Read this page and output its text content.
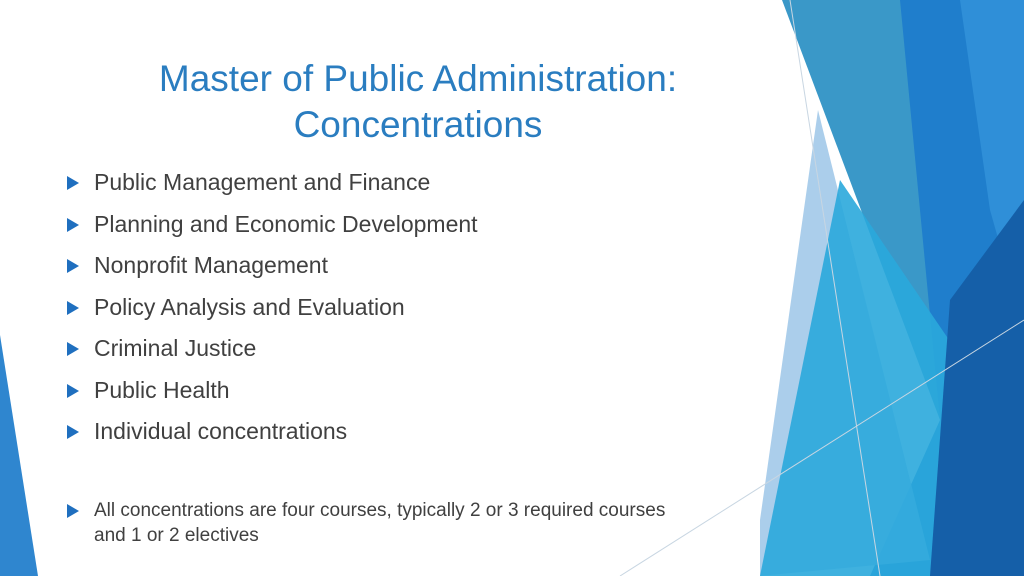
Master of Public Administration:
Concentrations
Public Management and Finance
Planning and Economic Development
Nonprofit Management
Policy Analysis and Evaluation
Criminal Justice
Public Health
Individual concentrations
All concentrations are four courses, typically 2 or 3 required courses
and 1 or 2 electives
